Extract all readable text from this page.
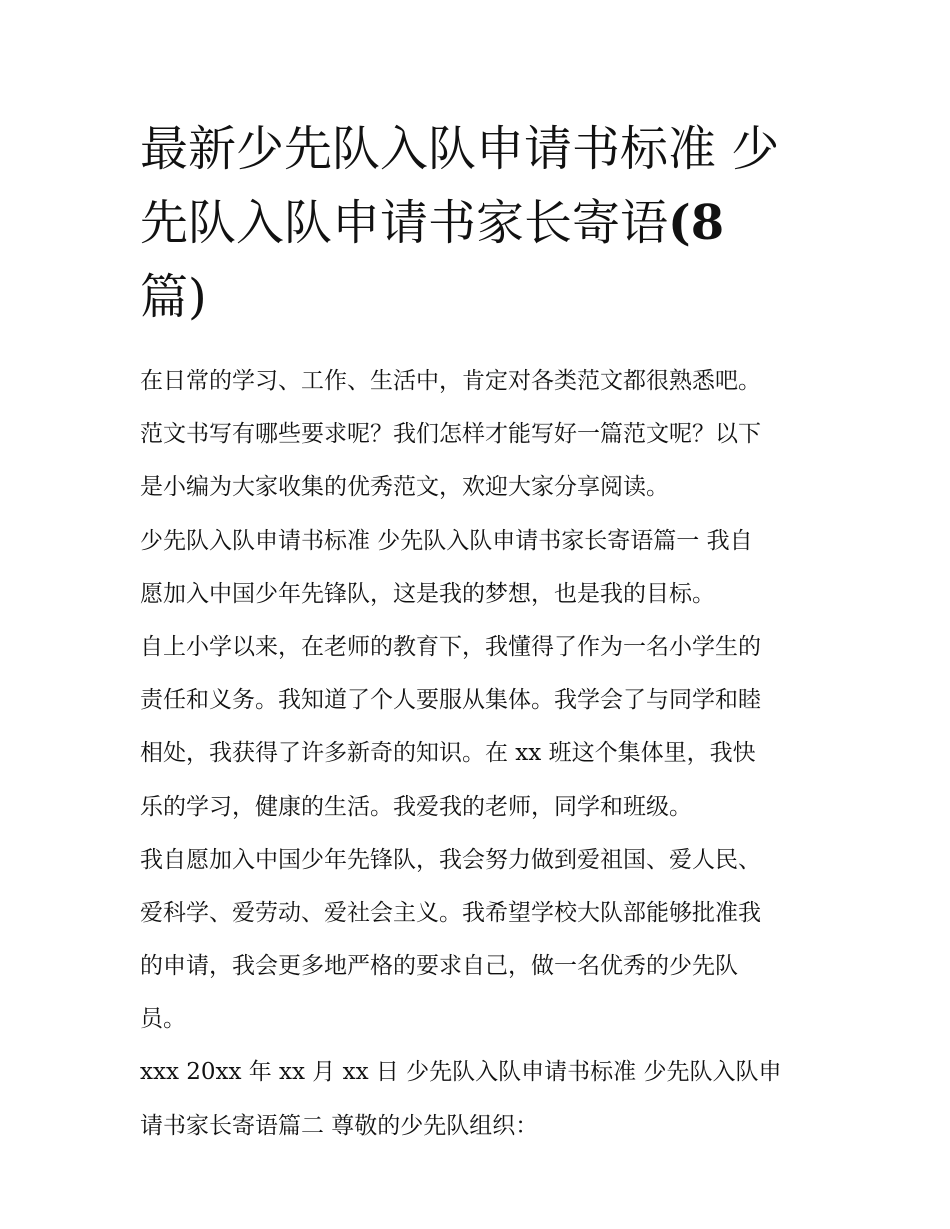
最新少先队入队申请书标准 少
先队入队申请书家长寄语(8
篇)
在日常的学习、工作、生活中，肯定对各类范文都很熟悉吧。
范文书写有哪些要求呢？我们怎样才能写好一篇范文呢？以下
是小编为大家收集的优秀范文，欢迎大家分享阅读。
少先队入队申请书标准 少先队入队申请书家长寄语篇一 我自
愿加入中国少年先锋队，这是我的梦想，也是我的目标。
自上小学以来，在老师的教育下，我懂得了作为一名小学生的
责任和义务。我知道了个人要服从集体。我学会了与同学和睦
相处，我获得了许多新奇的知识。在 xx 班这个集体里，我快
乐的学习，健康的生活。我爱我的老师，同学和班级。
我自愿加入中国少年先锋队，我会努力做到爱祖国、爱人民、
爱科学、爱劳动、爱社会主义。我希望学校大队部能够批准我
的申请，我会更多地严格的要求自己，做一名优秀的少先队
员。
xxx 20xx 年 xx 月 xx 日 少先队入队申请书标准 少先队入队申
请书家长寄语篇二 尊敬的少先队组织：
